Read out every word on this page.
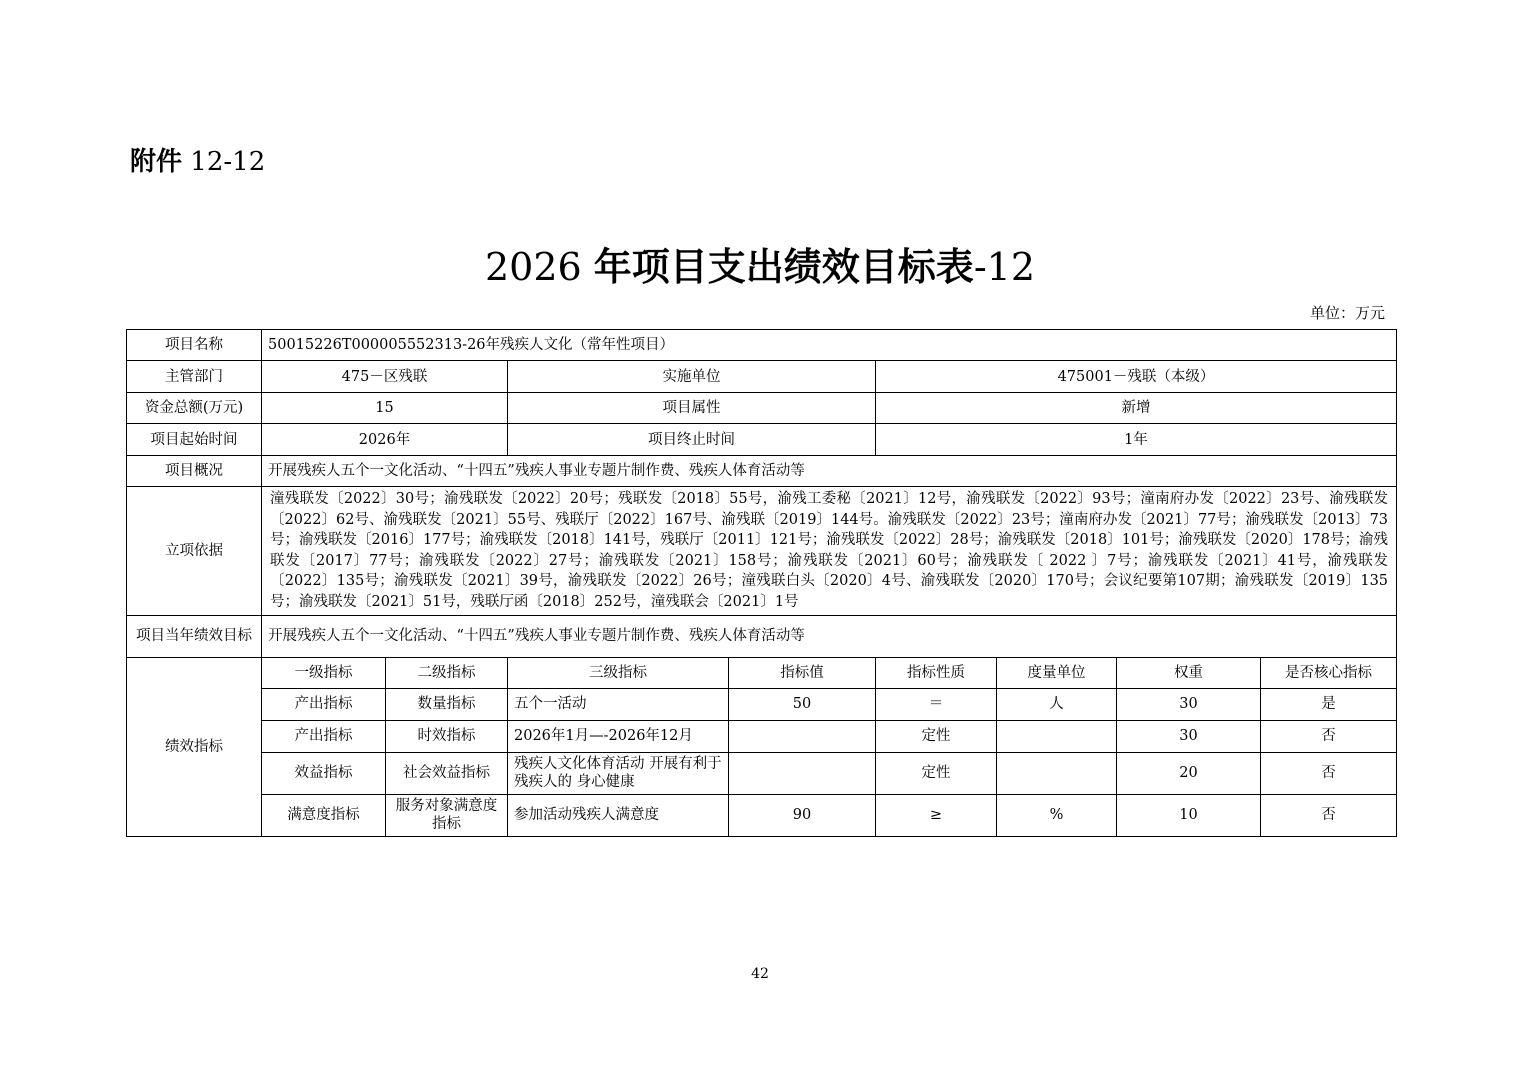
附件 12-12
2026 年项目支出绩效目标表-12
单位：万元
项目名称	50015226T000005552313-26年残疾人文化（常年性项目）							
主管部门	475－区残联		实施单位		475001－残联（本级）			
资金总额(万元)	15		项目属性		新增			
项目起始时间	2026年		项目终止时间		1年			
项目概况	开展残疾人五个一文化活动、“十四五”残疾人事业专题片制作费、残疾人体育活动等							
立项依据	潼残联发〔2022〕30号；渝残联发〔2022〕20号；残联发〔2018〕55号，渝残工委秘〔2021〕12号，渝残联发〔2022〕93号；潼南府办发〔2022〕23号、渝残联发〔2022〕62号、渝残联发〔2021〕55号、残联厅〔2022〕167号、渝残联〔2019〕144号。渝残联发〔2022〕23号；潼南府办发〔2021〕77号；渝残联发〔2013〕73号；渝残联发〔2016〕177号；渝残联发〔2018〕141号，残联厅〔2011〕121号；渝残联发〔2022〕28号；渝残联发〔2018〕101号；渝残联发〔2020〕178号；渝残联发〔2017〕77号；渝残联发〔2022〕27号；渝残联发〔2021〕158号；渝残联发〔2021〕60号；渝残联发〔 2022 〕7号；渝残联发〔2021〕41号，渝残联发〔2022〕135号；渝残联发〔2021〕39号，渝残联发〔2022〕26号；潼残联白头〔2020〕4号、渝残联发〔2020〕170号；会议纪要第107期；渝残联发〔2019〕135号；渝残联发〔2021〕51号，残联厅函〔2018〕252号，潼残联会〔2021〕1号							
项目当年绩效目标	开展残疾人五个一文化活动、“十四五”残疾人事业专题片制作费、残疾人体育活动等							
绩效指标	一级指标	二级指标	三级指标	指标值	指标性质	度量单位	权重	是否核心指标
	产出指标	数量指标	五个一活动	50	＝	人	30	是
	产出指标	时效指标	2026年1月—-2026年12月		定性		30	否
	效益指标	社会效益指标	残疾人文化体育活动 开展有利于残疾人的 身心健康		定性		20	否
	满意度指标	服务对象满意度指标	参加活动残疾人满意度	90	≥	%	10	否
42
